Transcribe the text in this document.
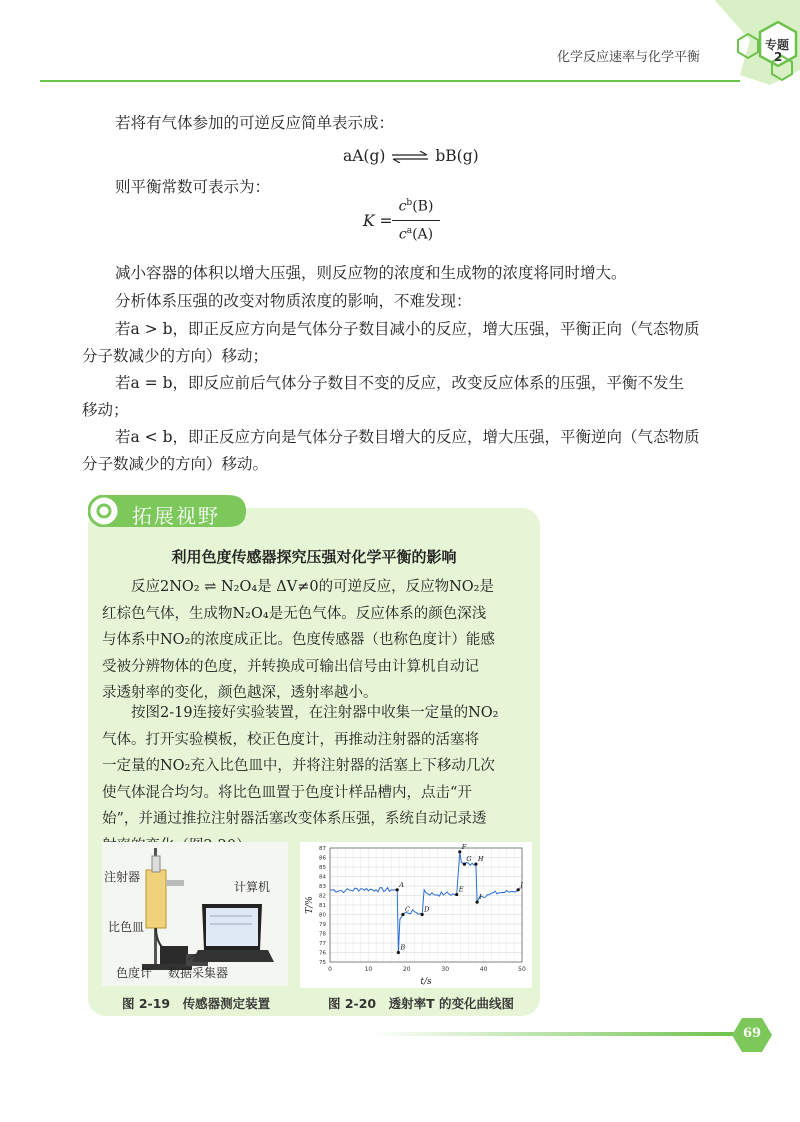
化学反应速率与化学平衡
专题
2
若将有气体参加的可逆反应简单表示成：
aA(g) ⇌ bB(g)
则平衡常数可表示为：
K =
$c^b(B)$
$c^a(A)$
减小容器的体积以增大压强，则反应物的浓度和生成物的浓度将同时增大。
分析体系压强的改变对物质浓度的影响，不难发现：
若a > b，即正反应方向是气体分子数目减小的反应，增大压强，平衡正向（气态物质
分子数减少的方向）移动；
若a = b，即反应前后气体分子数目不变的反应，改变反应体系的压强，平衡不发生
移动；
若a < b，即正反应方向是气体分子数目增大的反应，增大压强，平衡逆向（气态物质
分子数减少的方向）移动。
拓展视野
利用色度传感器探究压强对化学平衡的影响
反应2NO₂ ⇌ N₂O₄是 ΔV≠0的可逆反应，反应物NO₂是
红棕色气体，生成物N₂O₄是无色气体。反应体系的颜色深浅
与体系中NO₂的浓度成正比。色度传感器（也称色度计）能感
受被分辨物体的色度，并转换成可输出信号由计算机自动记
录透射率的变化，颜色越深，透射率越小。
按图2-19连接好实验装置，在注射器中收集一定量的NO₂
气体。打开实验模板，校正色度计，再推动注射器的活塞将
一定量的NO₂充入比色皿中，并将注射器的活塞上下移动几次
使气体混合均匀。将比色皿置于色度计样品槽内，点击“开
始”，并通过推拉注射器活塞改变体系压强，系统自动记录透
注射器
计算机
比色皿
色度计 数据采集器
图 2-19　传感器测定装置
75
76
77
78
79
80
81
82
83
84
85
86
87
0	10	20	30	40	50
t/s
T/%
A
B
C D
E
F
G H
I
J
图 2-20　透射率T 的变化曲线图
69
